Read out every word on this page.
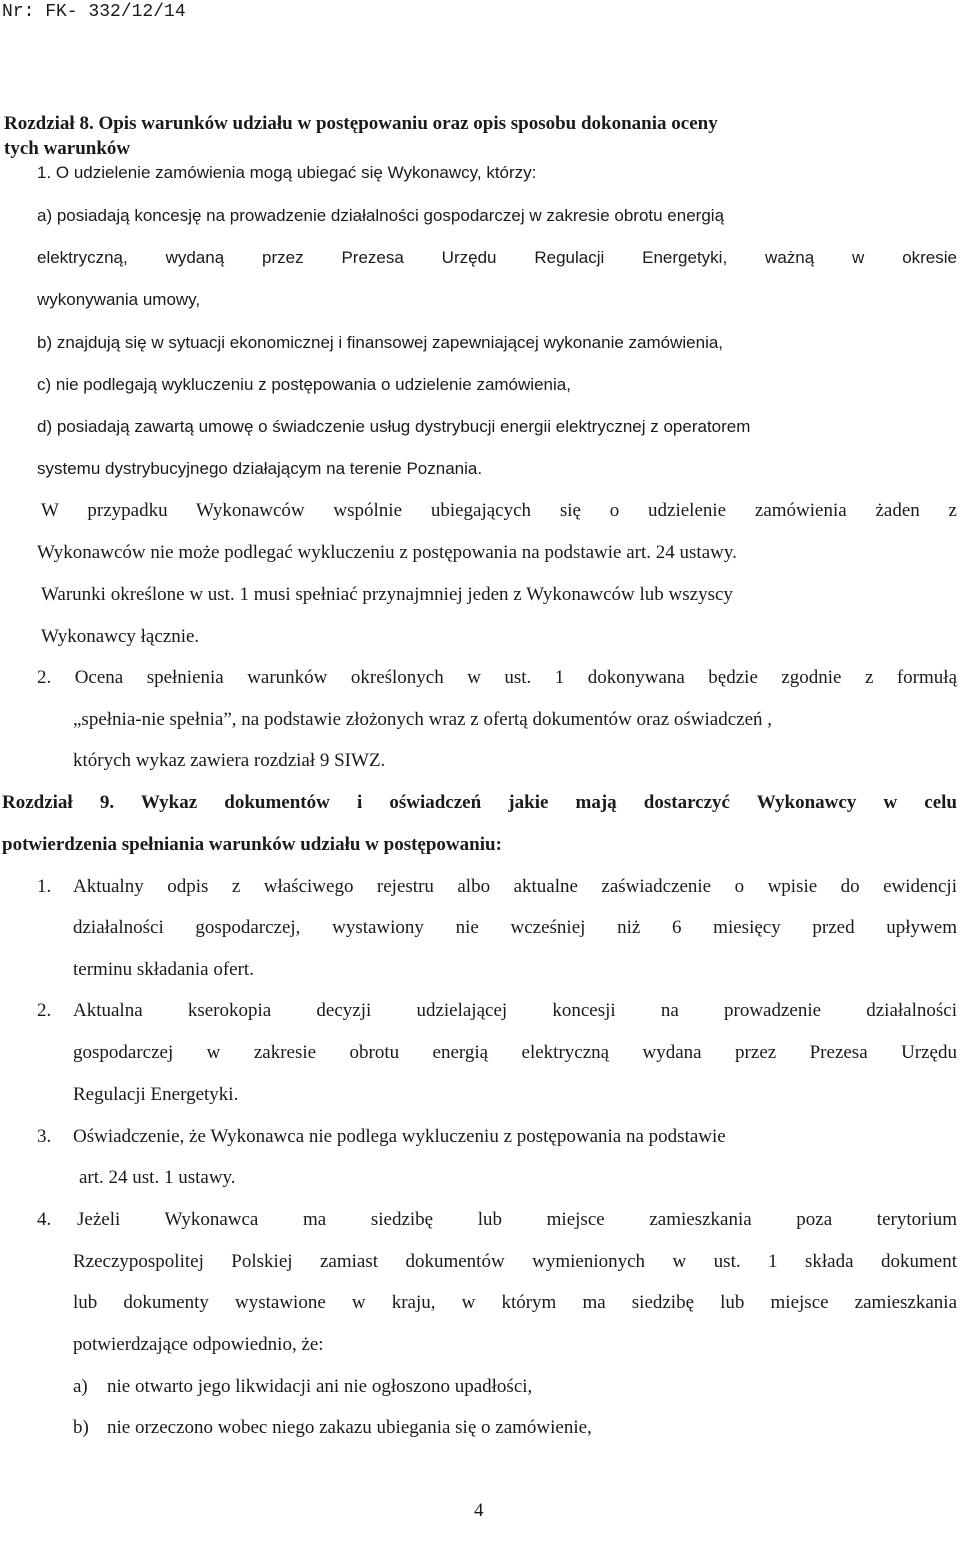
Nr: FK- 332/12/14
Rozdział 8. Opis warunków udziału w postępowaniu oraz opis sposobu dokonania oceny
tych warunków
1. O udzielenie zamówienia mogą ubiegać się Wykonawcy, którzy:
a) posiadają koncesję na prowadzenie działalności gospodarczej w zakresie obrotu energią
elektryczną, wydaną przez Prezesa Urzędu Regulacji Energetyki, ważną w okresie
wykonywania umowy,
b) znajdują się w sytuacji ekonomicznej i finansowej zapewniającej wykonanie zamówienia,
c) nie podlegają wykluczeniu z postępowania o udzielenie zamówienia,
d) posiadają zawartą umowę o świadczenie usług dystrybucji energii elektrycznej z operatorem
systemu dystrybucyjnego działającym na terenie Poznania.
W przypadku Wykonawców wspólnie ubiegających się o udzielenie zamówienia żaden z
Wykonawców nie może podlegać wykluczeniu z postępowania na podstawie art. 24 ustawy.
Warunki określone w ust. 1 musi spełniać przynajmniej jeden z Wykonawców lub wszyscy
Wykonawcy łącznie.
2. Ocena spełnienia warunków określonych w ust. 1 dokonywana będzie zgodnie z formułą
„spełnia-nie spełnia”, na podstawie złożonych wraz z ofertą dokumentów oraz oświadczeń ,
których wykaz zawiera rozdział 9 SIWZ.
Rozdział 9. Wykaz dokumentów i oświadczeń jakie mają dostarczyć Wykonawcy w celu
potwierdzenia spełniania warunków udziału w postępowaniu:
1. Aktualny odpis z właściwego rejestru albo aktualne zaświadczenie o wpisie do ewidencji
działalności gospodarczej, wystawiony nie wcześniej niż 6 miesięcy przed upływem
terminu składania ofert.
2. Aktualna kserokopia decyzji udzielającej koncesji na prowadzenie działalności
gospodarczej w zakresie obrotu energią elektryczną wydana przez Prezesa Urzędu
Regulacji Energetyki.
3. Oświadczenie, że Wykonawca nie podlega wykluczeniu z postępowania na podstawie
art. 24 ust. 1 ustawy.
4. Jeżeli Wykonawca ma siedzibę lub miejsce zamieszkania poza terytorium
Rzeczypospolitej Polskiej zamiast dokumentów wymienionych w ust. 1 składa dokument
lub dokumenty wystawione w kraju, w którym ma siedzibę lub miejsce zamieszkania
potwierdzające odpowiednio, że:
a) nie otwarto jego likwidacji ani nie ogłoszono upadłości,
b) nie orzeczono wobec niego zakazu ubiegania się o zamówienie,
4
